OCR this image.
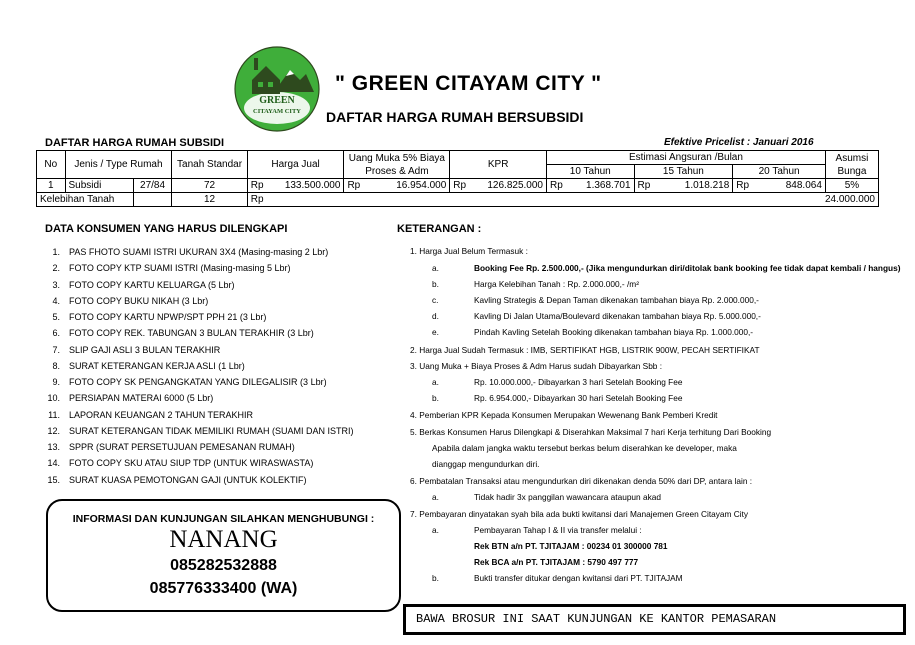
GREEN
CITAYAM CITY
" GREEN CITAYAM CITY "
DAFTAR HARGA RUMAH BERSUBSIDI
DAFTAR HARGA RUMAH SUBSIDI	Efektive Pricelist : Januari 2016
No	Jenis / Type Rumah		Tanah Standar	Harga Jual		Uang Muka 5% Biaya Proses & Adm		KPR		Estimasi Angsuran /Bulan						Asumsi Bunga
										10 Tahun		15 Tahun		20 Tahun		
1	Subsidi	27/84	72	Rp	133.500.000	Rp	16.954.000	Rp	126.825.000	Rp	1.368.701	Rp	1.018.218	Rp	848.064	5%
Kelebihan Tanah			12	Rp	24.000.000											
DATA KONSUMEN YANG HARUS DILENGKAPI
1. PAS FHOTO SUAMI ISTRI UKURAN 3X4 (Masing-masing 2 Lbr)
2. FOTO COPY KTP SUAMI ISTRI (Masing-masing 5 Lbr)
3. FOTO COPY KARTU KELUARGA (5 Lbr)
4. FOTO COPY BUKU NIKAH (3 Lbr)
5. FOTO COPY KARTU NPWP/SPT PPH 21 (3 Lbr)
6. FOTO COPY REK. TABUNGAN 3 BULAN TERAKHIR (3 Lbr)
7. SLIP GAJI ASLI 3 BULAN TERAKHIR
8. SURAT KETERANGAN KERJA ASLI (1 Lbr)
9. FOTO COPY SK PENGANGKATAN YANG DILEGALISIR (3 Lbr)
10. PERSIAPAN MATERAI 6000 (5 Lbr)
11. LAPORAN KEUANGAN 2 TAHUN TERAKHIR
12. SURAT KETERANGAN TIDAK MEMILIKI RUMAH (SUAMI DAN ISTRI)
13. SPPR (SURAT PERSETUJUAN PEMESANAN RUMAH)
14. FOTO COPY SKU ATAU SIUP TDP (UNTUK WIRASWASTA)
15. SURAT KUASA PEMOTONGAN GAJI (UNTUK KOLEKTIF)
INFORMASI DAN KUNJUNGAN SILAHKAN MENGHUBUNGI :
NANANG
085282532888
085776333400 (WA)
KETERANGAN :
1. Harga Jual Belum Termasuk :
a.	Booking Fee Rp. 2.500.000,- (Jika mengundurkan diri/ditolak bank booking fee tidak dapat kembali / hangus)
b.	Harga Kelebihan Tanah : Rp. 2.000.000,- /m²
c.	Kavling Strategis & Depan Taman dikenakan tambahan biaya Rp. 2.000.000,-
d.	Kavling Di Jalan Utama/Boulevard dikenakan tambahan biaya Rp. 5.000.000,-
e.	Pindah Kavling Setelah Booking dikenakan tambahan biaya Rp. 1.000.000,-
2. Harga Jual Sudah Termasuk : IMB, SERTIFIKAT HGB, LISTRIK 900W, PECAH SERTIFIKAT
3. Uang Muka + Biaya Proses & Adm Harus sudah Dibayarkan Sbb :
a.	Rp. 10.000.000,- Dibayarkan 3 hari Setelah Booking Fee
b.	Rp. 6.954.000,- Dibayarkan 30 hari Setelah Booking Fee
4. Pemberian KPR Kepada Konsumen Merupakan Wewenang Bank Pemberi Kredit
5. Berkas Konsumen Harus Dilengkapi & Diserahkan Maksimal 7 hari Kerja terhitung Dari Booking
Apabila dalam jangka waktu tersebut berkas belum diserahkan ke developer, maka
dianggap mengundurkan diri.
6. Pembatalan Transaksi atau mengundurkan diri dikenakan denda 50% dari DP, antara lain :
a.	Tidak hadir 3x panggilan wawancara ataupun akad
7. Pembayaran dinyatakan syah bila ada bukti kwitansi dari Manajemen Green Citayam City
a.	Pembayaran Tahap I & II via transfer melalui :
Rek BTN a/n PT. TJITAJAM : 00234 01 300000 781
Rek BCA a/n PT. TJITAJAM : 5790 497 777
b.	Bukti transfer ditukar dengan kwitansi dari PT. TJITAJAM
BAWA BROSUR INI SAAT KUNJUNGAN KE KANTOR PEMASARAN
